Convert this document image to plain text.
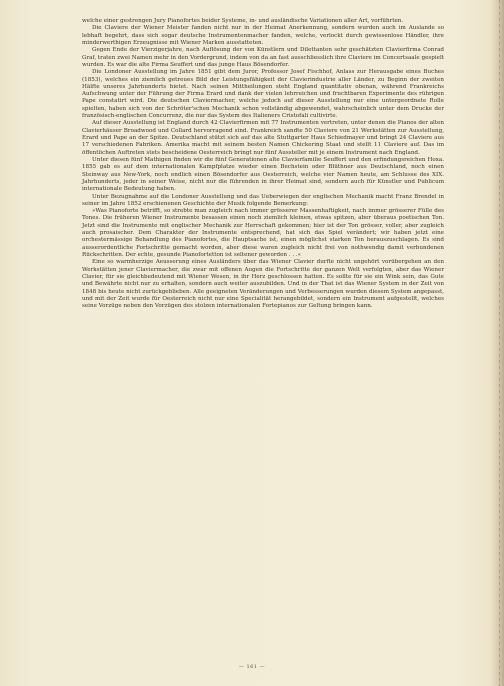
welche einer gestrengen Jury Pianofortes beider Systeme, in- und ausländische Variationen aller Art, vorführten.

Die Claviere der Wiener Meister fanden nicht nur in der Heimat Anerkennung, sondern wurden auch im Auslande so lebhaft begehrt, dass sich sogar deutsche Instrumentenmacher fanden, welche, verlockt durch gewissenlose Händler, ihre minderwerthigen Erzeugnisse mit Wiener Marken ausstatteten.

Gegen Ende der Vierzigerjahre, nach Auflösung der von Künstlern und Dilettanten sehr geschätzten Clavierfirma Conrad Graf, traten zwei Namen mehr in den Vordergrund, indem von da an fast ausschliesslich ihre Claviere im Concertsaale gespielt wurden. Es war die alte Firma Seuffert und das junge Haus Bösendorfer.

Die Londoner Ausstellung im Jahre 1851 gibt dem Juror, Professor Josef Fischhof, Anlass zur Herausgabe eines Buches (1853), welches ein ziemlich getreues Bild der Leistungsfähigkeit der Clavierindustrie aller Länder, zu Beginn der zweiten Hälfte unseres Jahrhunderts bietet. Nach seinen Mittheilungen steht England quantitativ obenan, während Frankreichs Aufschwung unter der Führung der Firma Erard und dank der vielen lehrreichen und fruchtbaren Experimente des rührigen Pape constatirt wird. Die deutschen Claviermacher, welche jedoch auf dieser Ausstellung nur eine untergeordnete Rolle spielten, haben sich von der Schröter'schen Mechanik schon vollständig abgewendet, wahrscheinlich unter dem Drucke der französisch-englischen Concurrenz, die nur das System des Italieners Cristofali cultivirte.

Auf dieser Ausstellung ist England durch 42 Clavierfirmen mit 77 Instrumenten vertreten, unter denen die Pianos der alten Clavierhäuser Broadwood und Collard hervorragend sind. Frankreich sandte 50 Claviere von 21 Werkstätten zur Ausstellung, Erard und Pape an der Spitze. Deutschland stützt sich auf das alte Stuttgarter Haus Schiedmayer und bringt 24 Claviere aus 17 verschiedenen Fabriken. Amerika macht mit seinem besten Namen Chickering Staat und stellt 11 Claviere auf. Das im öffentlichen Auftreten stets bescheidene Oesterreich bringt nur fünf Aussteller mit je einem Instrument nach England.

Unter diesen fünf Mathigen finden wir die fünf Generationen alte Clavierfamilie Seuffert und den erfindungsreichen Hoxa. 1855 gab es auf dem internationalen Kampfplatze wieder einen Bechstein oder Blüthner aus Deutschland, noch einen Steinway aus New-York, noch endlich einen Bösendorfer aus Oesterreich, welche vier Namen heute, am Schlusse des XIX. Jahrhunderts, jeder in seiner Weise, nicht nur die führenden in ihrer Heimat sind, sondern auch für Künstler und Publicum internationale Bedeutung haben.

Unter Bezugnahme auf die Londoner Ausstellung und das Ueberwiegen der englischen Mechanik macht Franz Brendel in seiner im Jahre 1852 erschienenen Geschichte der Musik folgende Bemerkung:

»Was Pianoforte betrifft, so strebte man zugleich nach immer grösserer Massenhaftigkeit, nach immer grösserer Fülle des Tones. Die früheren Wiener Instrumente besassen einen noch ziemlich kleinen, etwas spitzen, aber überaus poetischen Ton. Jetzt sind die Instrumente mit englischer Mechanik zur Herrschaft gekommen; hier ist der Ton grösser, voller, aber zugleich auch prosaischer. Dem Charakter der Instrumente entsprechend, hat sich das Spiel verändert; wir haben jetzt eine orchestermässige Behandlung des Pianofortes, die Hauptsache ist, einen möglichst starken Ton herauszuschlagen. Es sind ausserordentliche Fortschritte gemacht worden, aber diese waren zugleich nicht frei von nothwendig damit verbundenen Rückschritten. Der echte, gesunde Pianofortetton ist seltener geworden . . .«

Eine so warmherzige Aeusserung eines Ausländers über das Wiener Clavier durfte nicht ungehört vorübergehen an den Werkstätten jener Claviermacher, die zwar mit offenen Augen die Fortschritte der ganzen Welt verfolgten, aber das Wiener Clavier, für sie gleichbedeutend mit Wiener Wesen, in ihr Herz geschlossen hatten. Es sollte für sie ein Wink sein, das Gute und Bewährte nicht nur zu erhalten, sondern auch weiter auszubilden. Und in der That ist das Wiener System in der Zeit von 1848 bis heute nicht zurückgeblieben. Alle geeigneten Veränderungen und Verbesserungen wurden diesem System angepasst, und mit der Zeit wurde für Oesterreich nicht nur eine Specialität herangebildet, sondern ein Instrument aufgestellt, welches seine Vorzüge neben den Vorzügen des stolzen internationalen Fortepianos zur Geltung bringen kann.

— 161 —
